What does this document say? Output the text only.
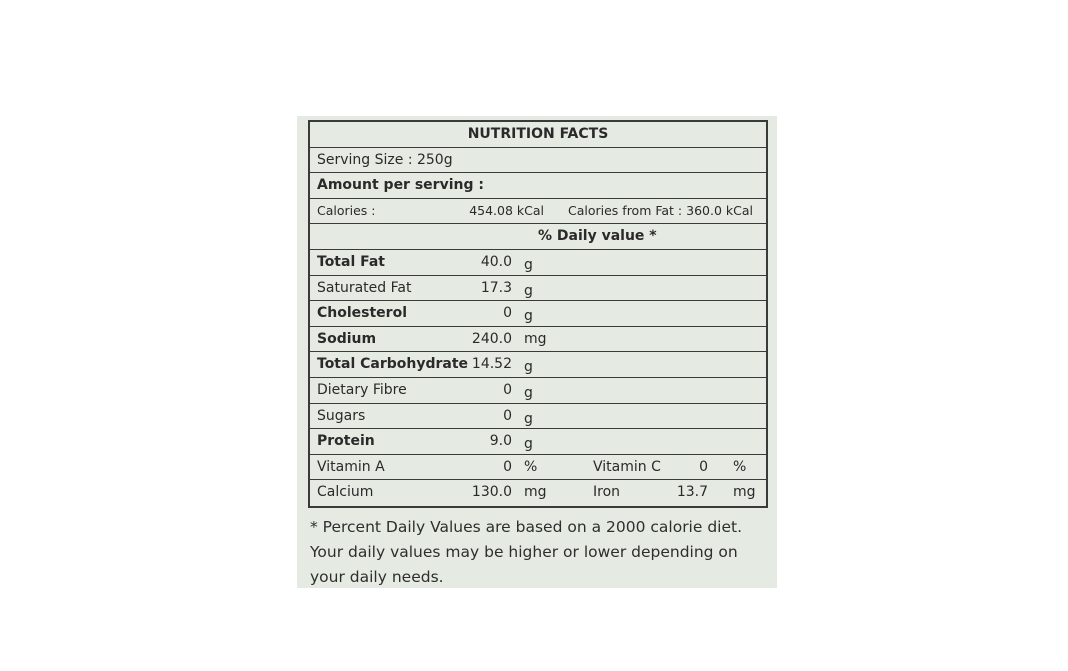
NUTRITION FACTS
Serving Size : 250g
Amount per serving :
Calories :	454.08 kCal Calories from Fat : 360.0 kCal
% Daily value *
Total Fat	40.0 g
Saturated Fat	17.3 g
Cholesterol	0 g
Sodium	240.0 mg
Total Carbohydrate 14.52 g
Dietary Fibre	0 g
Sugars	0 g
Protein	9.0 g
Vitamin A	0 %	Vitamin C	0 %
Calcium	130.0 mg	Iron	13.7 mg
* Percent Daily Values are based on a 2000 calorie diet.
Your daily values may be higher or lower depending on
your daily needs.
